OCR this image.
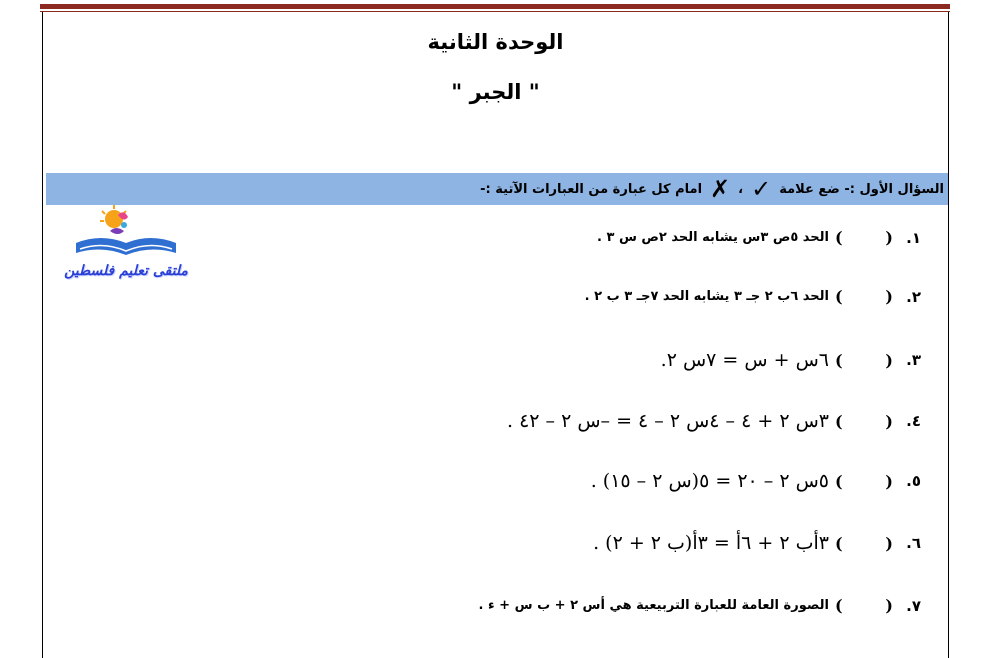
الوحدة الثانية
" الجبر "
السؤال الأول :- ضع علامة
✓
،
✗
امام كل عبارة من العبارات الآتية :-
ملتقى تعليم فلسطين
١.
(
)
الحد ٥ص ٣س يشابه الحد ٢ص س ٣ .
٢.
(
)
الحد ٦ب ٢ جـ ٣ يشابه الحد ٧جـ ٣ ب ٢ .
٣.
(
)
٦س + س = ٧س ٢.
٤.
(
)
٣س ٢ + ٤ – ٤س ٢ – ٤ = –س ٢ – ٤٢ .
٥.
(
)
٥س ٢ – ٢٠ = ٥(س ٢ – ١٥) .
٦.
(
)
٣أب ٢ + ٦أ = ٣أ(ب ٢ + ٢) .
٧.
(
)
الصورة العامة للعبارة التربيعية هي أس ٢ + ب س + ء .
